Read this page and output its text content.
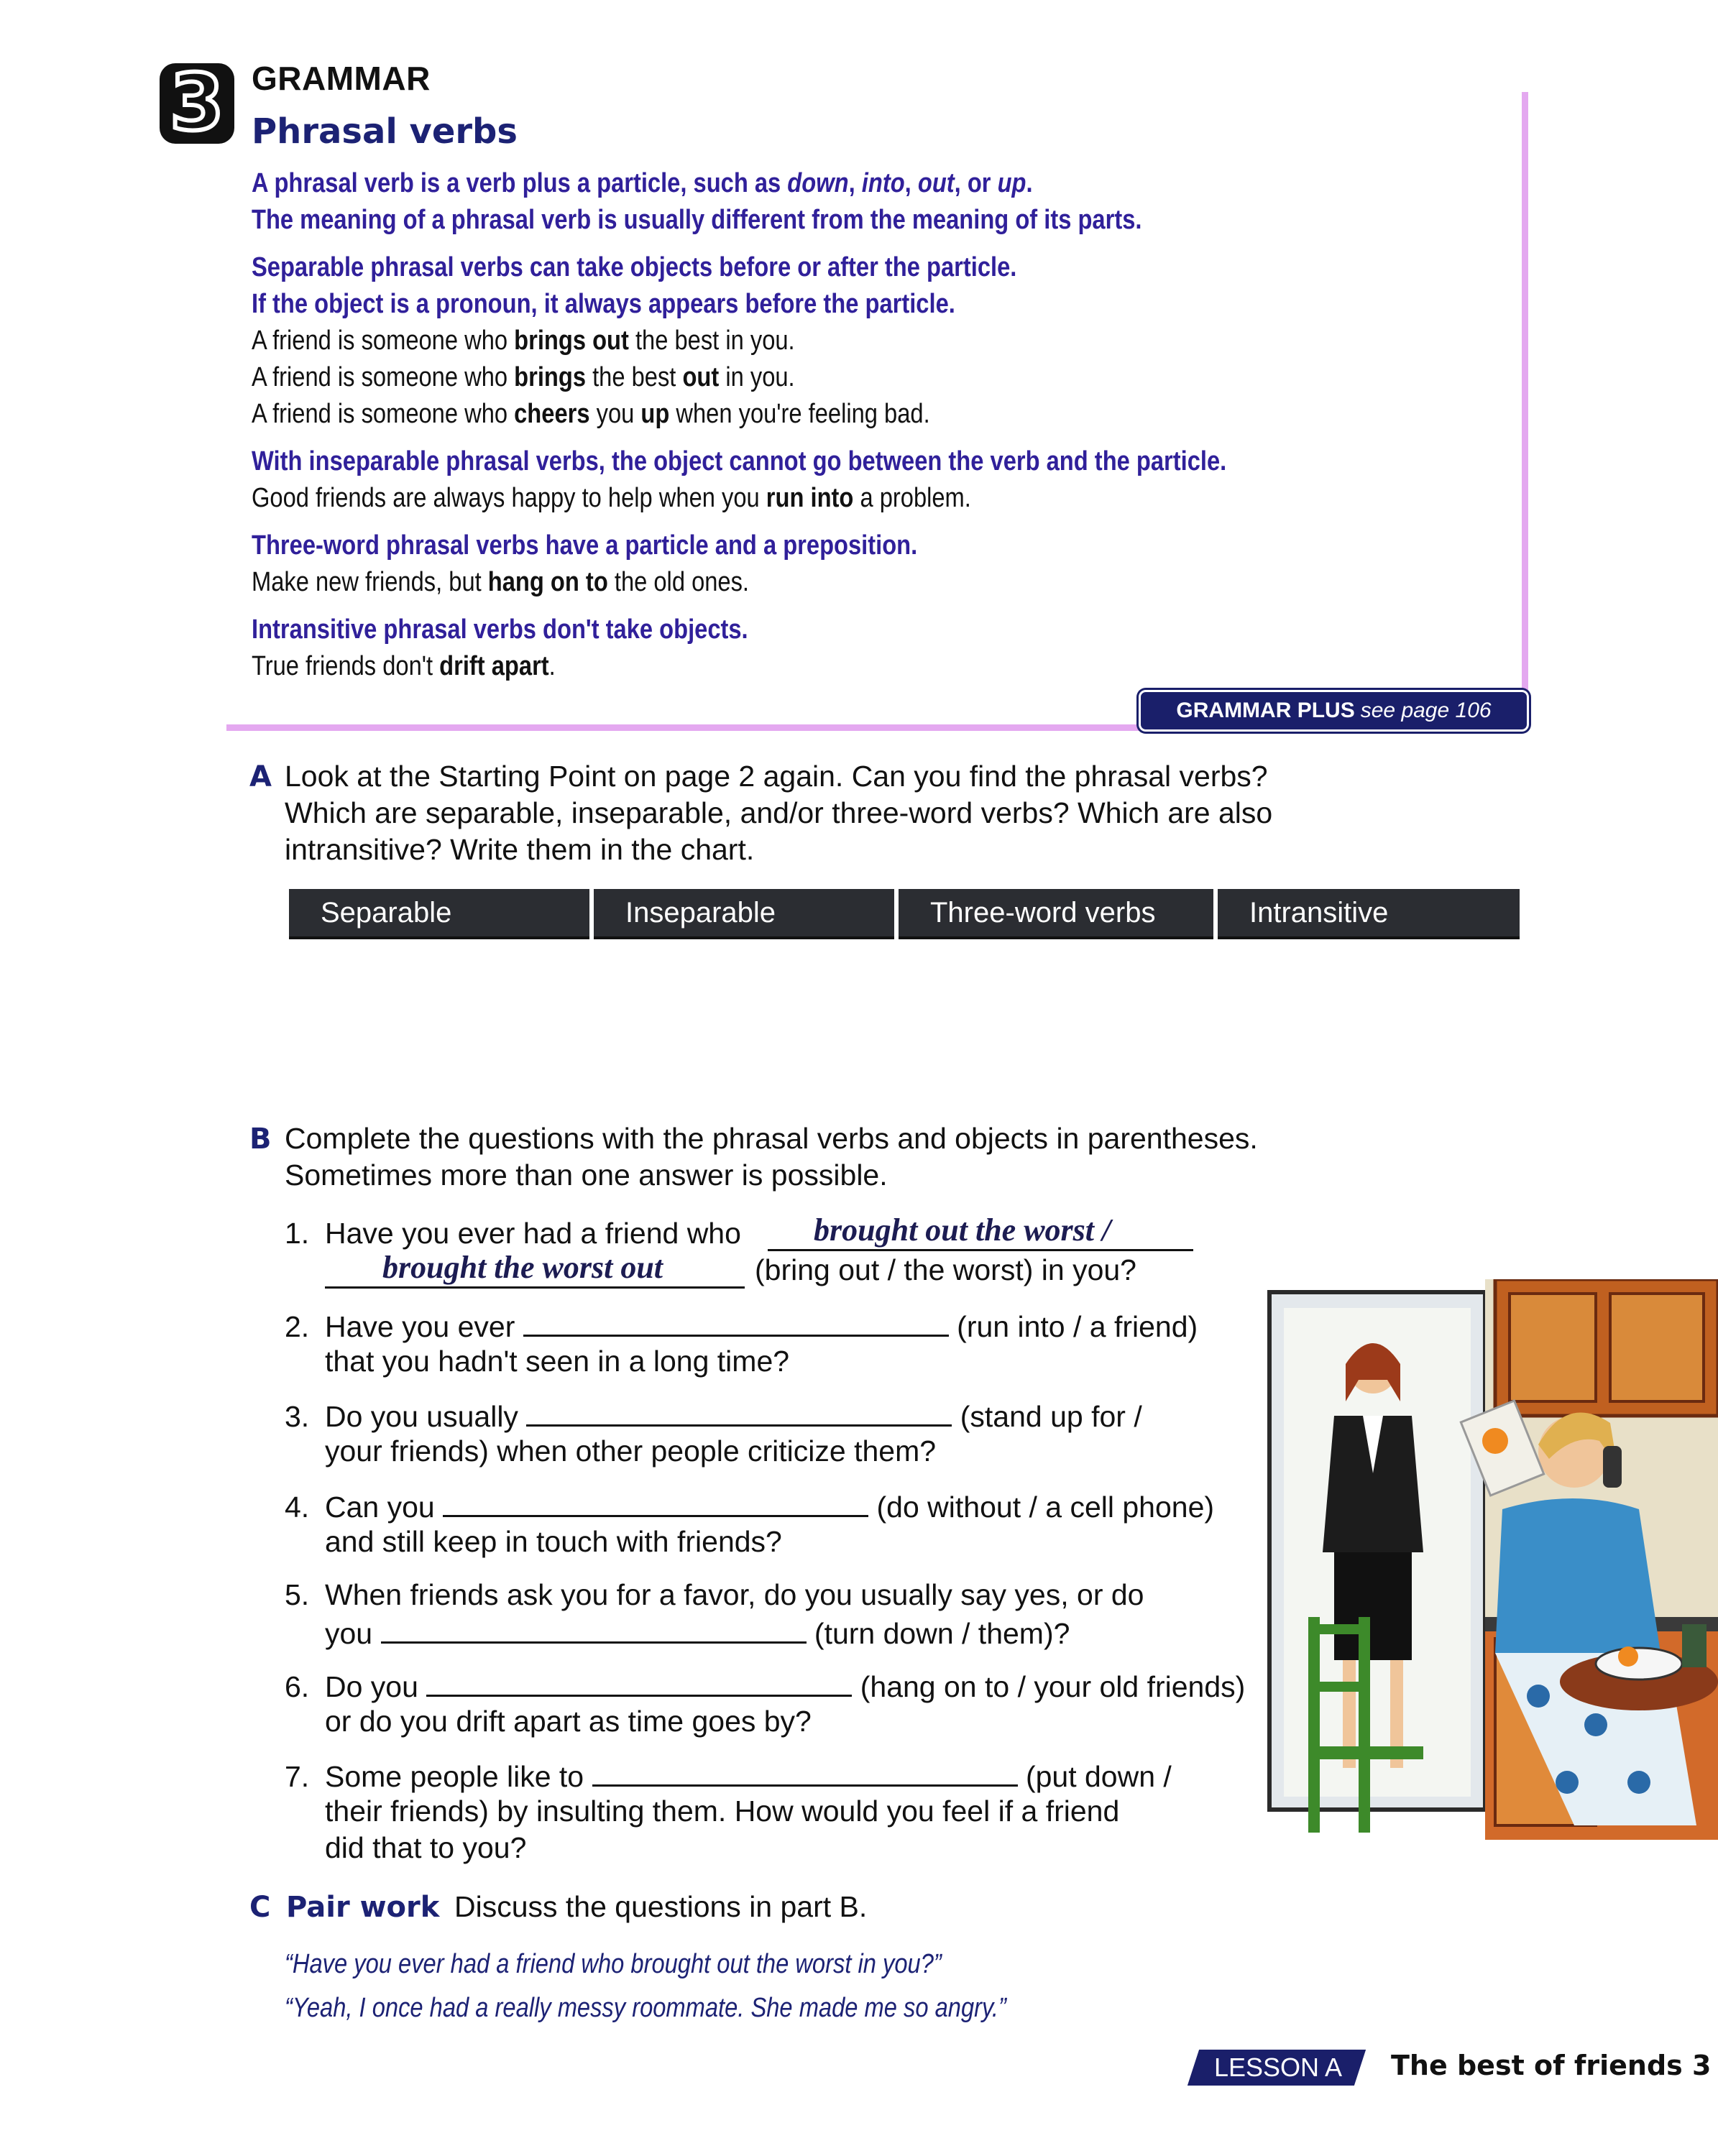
3 GRAMMAR
Phrasal verbs
A phrasal verb is a verb plus a particle, such as down, into, out, or up.
The meaning of a phrasal verb is usually different from the meaning of its parts.
Separable phrasal verbs can take objects before or after the particle.
If the object is a pronoun, it always appears before the particle.
A friend is someone who brings out the best in you.
A friend is someone who brings the best out in you.
A friend is someone who cheers you up when you're feeling bad.
With inseparable phrasal verbs, the object cannot go between the verb and the particle.
Good friends are always happy to help when you run into a problem.
Three-word phrasal verbs have a particle and a preposition.
Make new friends, but hang on to the old ones.
Intransitive phrasal verbs don't take objects.
True friends don't drift apart.
GRAMMAR PLUS see page 106
A Look at the Starting Point on page 2 again. Can you find the phrasal verbs?
Which are separable, inseparable, and/or three-word verbs? Which are also
intransitive? Write them in the chart.
Separable	Inseparable	Three-word verbs	Intransitive

B Complete the questions with the phrasal verbs and objects in parentheses.
Sometimes more than one answer is possible.
1. Have you ever had a friend who brought out the worst /
brought the worst out	(bring out / the worst) in you?
2. Have you ever	(run into / a friend)
that you hadn't seen in a long time?
3. Do you usually	(stand up for /
your friends) when other people criticize them?
4. Can you	(do without / a cell phone)
and still keep in touch with friends?
5. When friends ask you for a favor, do you usually say yes, or do
you	(turn down / them)?
6. Do you	(hang on to / your old friends)
or do you drift apart as time goes by?
7. Some people like to	(put down /
their friends) by insulting them. How would you feel if a friend
did that to you?
C Pair work Discuss the questions in part B.
“Have you ever had a friend who brought out the worst in you?”
“Yeah, I once had a really messy roommate. She made me so angry.”
LESSON A	The best of friends 3
